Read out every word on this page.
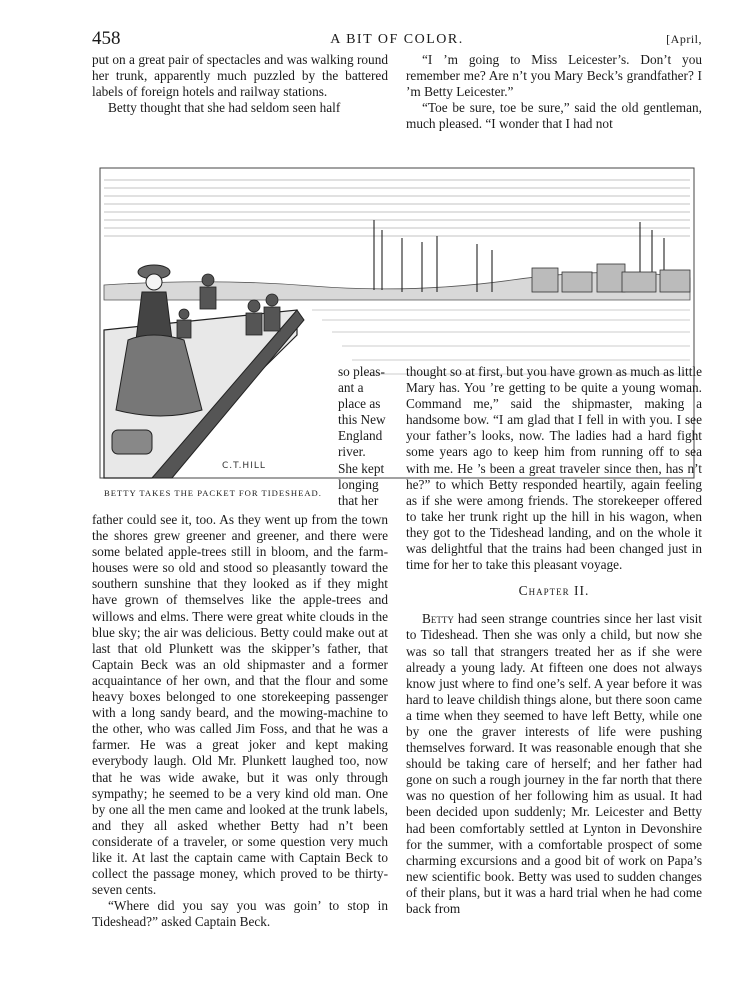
458	A BIT OF COLOR.	[April,

put on a great pair of spectacles and was walking round her trunk, apparently much puzzled by the battered labels of foreign hotels and railway stations.

Betty thought that she had seldom seen half

“I ’m going to Miss Leicester’s. Don’t you remember me? Are n’t you Mary Beck’s grandfather? I ’m Betty Leicester.”

“Toe be sure, toe be sure,” said the old gentleman, much pleased. “I wonder that I had not

C.T.HILL
BETTY TAKES THE PACKET FOR TIDESHEAD.
so pleas-
ant a
place as
this New
England
river.
She kept
longing
that her

father could see it, too. As they went up from the town the shores grew greener and greener, and there were some belated apple-trees still in bloom, and the farm-houses were so old and stood so pleasantly toward the southern sunshine that they looked as if they might have grown of themselves like the apple-trees and willows and elms. There were great white clouds in the blue sky; the air was delicious. Betty could make out at last that old Plunkett was the skipper’s father, that Captain Beck was an old shipmaster and a former acquaintance of her own, and that the flour and some heavy boxes belonged to one storekeeping passenger with a long sandy beard, and the mowing-machine to the other, who was called Jim Foss, and that he was a farmer. He was a great joker and kept making everybody laugh. Old Mr. Plunkett laughed too, now that he was wide awake, but it was only through sympathy; he seemed to be a very kind old man. One by one all the men came and looked at the trunk labels, and they all asked whether Betty had n’t been considerate of a traveler, or some question very much like it. At last the captain came with Captain Beck to collect the passage money, which proved to be thirty-seven cents.

“Where did you say you was goin’ to stop in Tideshead?” asked Captain Beck.

thought so at first, but you have grown as much as little Mary has. You ’re getting to be quite a young woman. Command me,” said the shipmaster, making a handsome bow. “I am glad that I fell in with you. I see your father’s looks, now. The ladies had a hard fight some years ago to keep him from running off to sea with me. He ’s been a great traveler since then, has n’t he?” to which Betty responded heartily, again feeling as if she were among friends. The storekeeper offered to take her trunk right up the hill in his wagon, when they got to the Tideshead landing, and on the whole it was delightful that the trains had been changed just in time for her to take this pleasant voyage.

Chapter II.

Betty had seen strange countries since her last visit to Tideshead. Then she was only a child, but now she was so tall that strangers treated her as if she were already a young lady. At fifteen one does not always know just where to find one’s self. A year before it was hard to leave childish things alone, but there soon came a time when they seemed to have left Betty, while one by one the graver interests of life were pushing themselves forward. It was reasonable enough that she should be taking care of herself; and her father had gone on such a rough journey in the far north that there was no question of her following him as usual. It had been decided upon suddenly; Mr. Leicester and Betty had been comfortably settled at Lynton in Devonshire for the summer, with a comfortable prospect of some charming excursions and a good bit of work on Papa’s new scientific book. Betty was used to sudden changes of their plans, but it was a hard trial when he had come back from
